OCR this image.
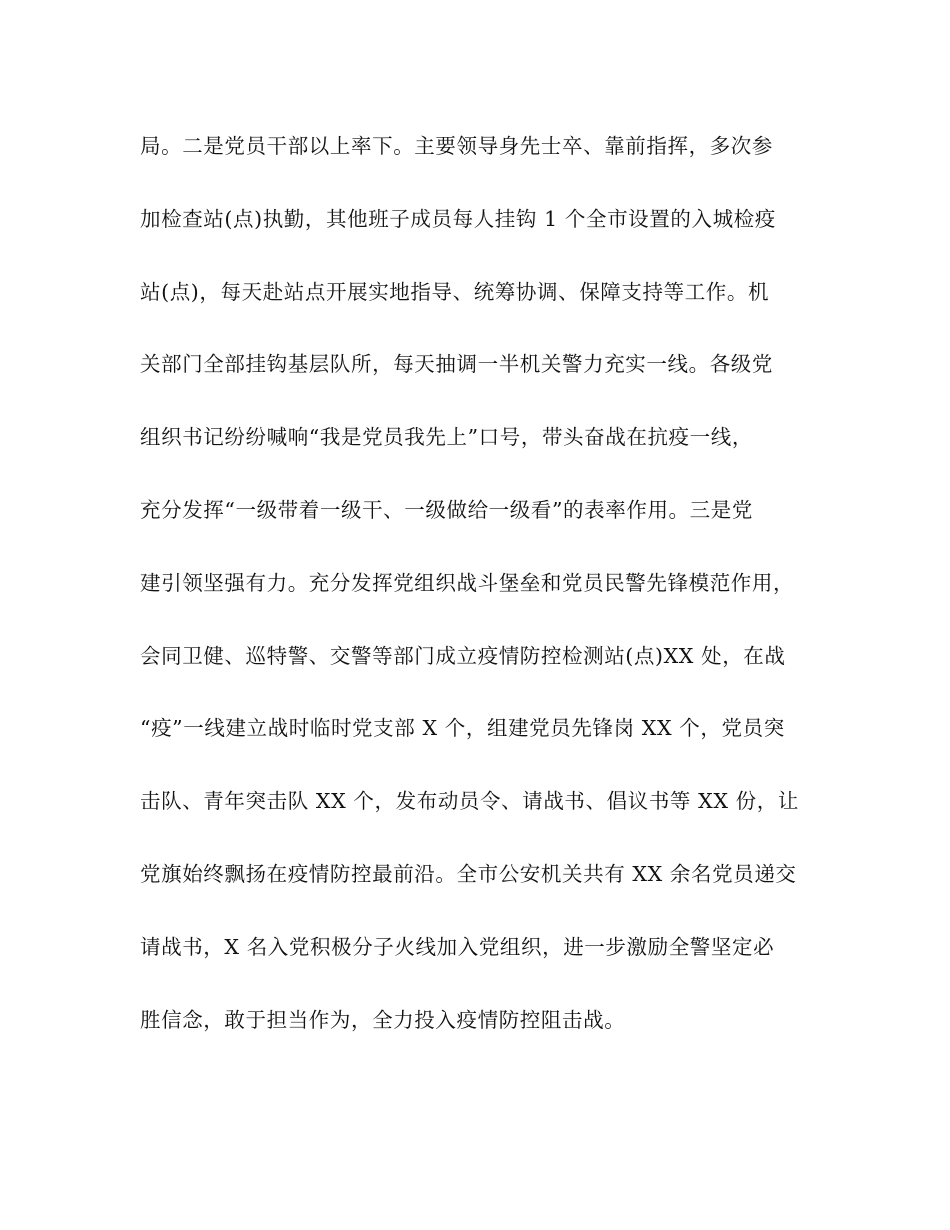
局。二是党员干部以上率下。主要领导身先士卒、靠前指挥，多次参
加检查站(点)执勤，其他班子成员每人挂钩 1 个全市设置的入城检疫
站(点)，每天赴站点开展实地指导、统筹协调、保障支持等工作。机
关部门全部挂钩基层队所，每天抽调一半机关警力充实一线。各级党
组织书记纷纷喊响“我是党员我先上”口号，带头奋战在抗疫一线，
充分发挥“一级带着一级干、一级做给一级看”的表率作用。三是党
建引领坚强有力。充分发挥党组织战斗堡垒和党员民警先锋模范作用，
会同卫健、巡特警、交警等部门成立疫情防控检测站(点)XX 处，在战
“疫”一线建立战时临时党支部 X 个，组建党员先锋岗 XX 个，党员突
击队、青年突击队 XX 个，发布动员令、请战书、倡议书等 XX 份，让
党旗始终飘扬在疫情防控最前沿。全市公安机关共有 XX 余名党员递交
请战书，X 名入党积极分子火线加入党组织，进一步激励全警坚定必
胜信念，敢于担当作为，全力投入疫情防控阻击战。
